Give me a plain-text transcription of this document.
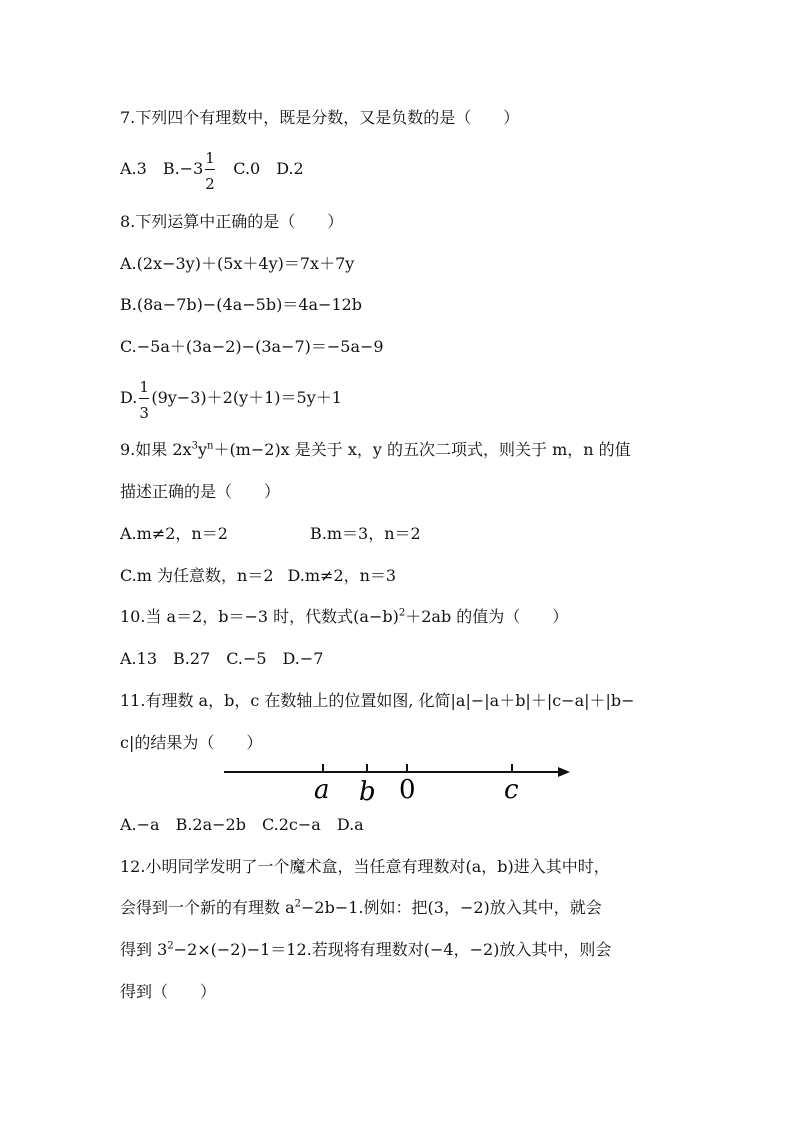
7.下列四个有理数中，既是分数，又是负数的是（　　）
A.3 $B.-3 \frac{1}{2} C.0$ D.2
8.下列运算中正确的是（　　）
A.(2x−3y)＋(5x＋4y)＝7x＋7y
B.(8a−7b)−(4a−5b)＝4a−12b
C.−5a＋(3a−2)−(3a−7)＝−5a−9
D. $\frac{1}{3} (9y-3)+2(y+1)=5y+1$
9.如果 $2x^3y^n+(m-2)x$ 是关于 x，y 的五次二项式，则关于 m，n 的值
描述正确的是（　　）
A.m≠2，n＝2	B.m＝3，n＝2
C.m 为任意数，n＝2 D.m≠2，n＝3
10.当 a＝2，b＝−3 时，代数式$(a-b)^2+2ab$ 的值为（　　）
A.13　B.27　C.−5　D.−7
11.有理数 a，b，c 在数轴上的位置如图, 化简|a|−|a＋b|＋|c−a|＋|b−
c|的结果为（　　）
a b 0	c
A.−a　B.2a−2b　C.2c−a　D.a
12.小明同学发明了一个魔术盒，当任意有理数对(a，b)进入其中时，
会得到一个新的有理数 $a^2-2b-1$.例如：把(3，−2)放入其中，就会
得到 $3^2-2\times(-2)-1=12$.若现将有理数对(−4，−2)放入其中，则会
得到（　　）
